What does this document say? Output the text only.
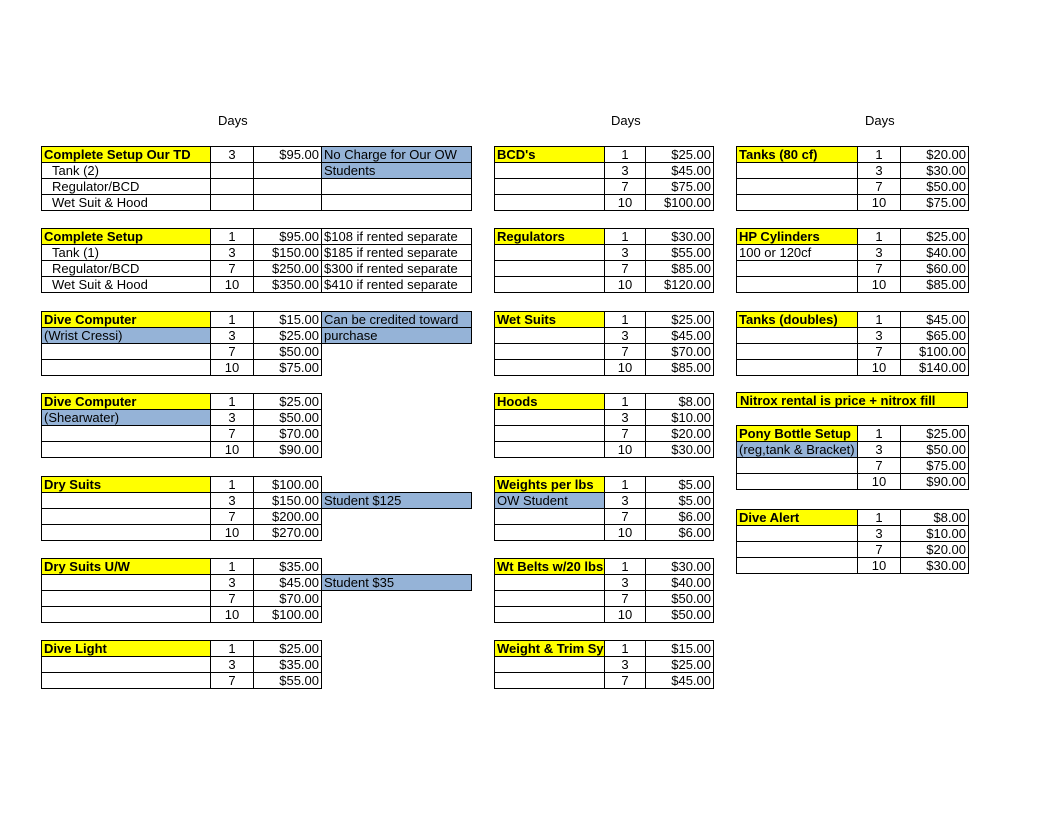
Days	Days	Days
Complete Setup Our TD	3	$95.00	No Charge for Our OW
Tank (2)			Students
Regulator/BCD			
Wet Suit & Hood			
Complete Setup	1	$95.00	$108 if rented separate
Tank (1)	3	$150.00	$185 if rented separate
Regulator/BCD	7	$250.00	$300 if rented separate
Wet Suit & Hood	10	$350.00	$410 if rented separate
Dive Computer	1	$15.00	Can be credited toward
(Wrist Cressi)	3	$25.00	purchase
	7	$50.00	
	10	$75.00	
Dive Computer	1	$25.00	
(Shearwater)	3	$50.00	
	7	$70.00	
	10	$90.00	
Dry Suits	1	$100.00	
	3	$150.00	Student $125
	7	$200.00	
	10	$270.00	
Dry Suits U/W	1	$35.00	
	3	$45.00	Student $35
	7	$70.00	
	10	$100.00	
Dive Light	1	$25.00	
	3	$35.00	
	7	$55.00	
BCD's	1	$25.00
	3	$45.00
	7	$75.00
	10	$100.00
Regulators	1	$30.00
	3	$55.00
	7	$85.00
	10	$120.00
Wet Suits	1	$25.00
	3	$45.00
	7	$70.00
	10	$85.00
Hoods	1	$8.00
	3	$10.00
	7	$20.00
	10	$30.00
Weights per lbs	1	$5.00
OW Student	3	$5.00
	7	$6.00
	10	$6.00
Wt Belts w/20 lbs	1	$30.00
	3	$40.00
	7	$50.00
	10	$50.00
Weight & Trim Sy	1	$15.00
	3	$25.00
	7	$45.00
Tanks (80 cf)	1	$20.00
	3	$30.00
	7	$50.00
	10	$75.00
HP Cylinders	1	$25.00
100 or 120cf	3	$40.00
	7	$60.00
	10	$85.00
Tanks (doubles)	1	$45.00
	3	$65.00
	7	$100.00
	10	$140.00
Pony Bottle Setup	1	$25.00
(reg,tank & Bracket)	3	$50.00
	7	$75.00
	10	$90.00
Dive Alert	1	$8.00
	3	$10.00
	7	$20.00
	10	$30.00
Nitrox rental is price + nitrox fill
